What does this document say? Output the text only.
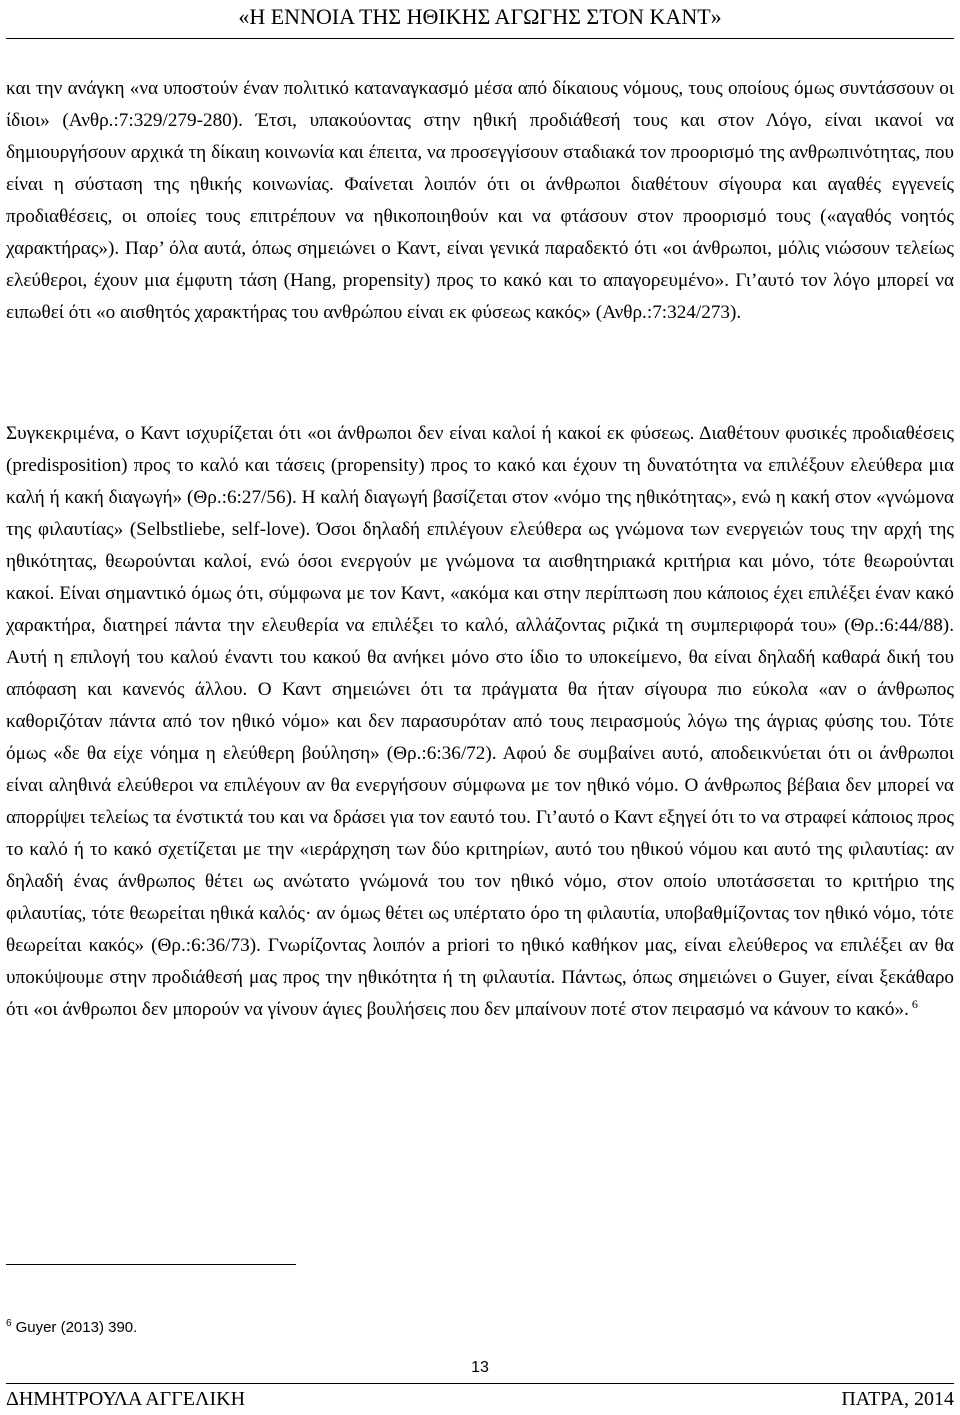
«Η ΕΝΝΟΙΑ ΤΗΣ ΗΘΙΚΗΣ ΑΓΩΓΗΣ ΣΤΟΝ ΚΑΝΤ»

και την ανάγκη «να υποστούν έναν πολιτικό καταναγκασμό μέσα από δίκαιους νόμους, τους οποίους όμως συντάσσουν οι ίδιοι» (Ανθρ.:7:329/279-280). Έτσι, υπακούοντας στην ηθική προδιάθεσή τους και στον Λόγο, είναι ικανοί να δημιουργήσουν αρχικά τη δίκαιη κοινωνία και έπειτα, να προσεγγίσουν σταδιακά τον προορισμό της ανθρωπινότητας, που είναι η σύσταση της ηθικής κοινωνίας. Φαίνεται λοιπόν ότι οι άνθρωποι διαθέτουν σίγουρα και αγαθές εγγενείς προδιαθέσεις, οι οποίες τους επιτρέπουν να ηθικοποιηθούν και να φτάσουν στον προορισμό τους («αγαθός νοητός χαρακτήρας»). Παρ’ όλα αυτά, όπως σημειώνει ο Καντ, είναι γενικά παραδεκτό ότι «οι άνθρωποι, μόλις νιώσουν τελείως ελεύθεροι, έχουν μια έμφυτη τάση (Hang, propensity) προς το κακό και το απαγορευμένο». Γι’αυτό τον λόγο μπορεί να ειπωθεί ότι «ο αισθητός χαρακτήρας του ανθρώπου είναι εκ φύσεως κακός» (Ανθρ.:7:324/273).

Συγκεκριμένα, ο Καντ ισχυρίζεται ότι «οι άνθρωποι δεν είναι καλοί ή κακοί εκ φύσεως. Διαθέτουν φυσικές προδιαθέσεις (predisposition) προς το καλό και τάσεις (propensity) προς το κακό και έχουν τη δυνατότητα να επιλέξουν ελεύθερα μια καλή ή κακή διαγωγή» (Θρ.:6:27/56). Η καλή διαγωγή βασίζεται στον «νόμο της ηθικότητας», ενώ η κακή στον «γνώμονα της φιλαυτίας» (Selbstliebe, self-love). Όσοι δηλαδή επιλέγουν ελεύθερα ως γνώμονα των ενεργειών τους την αρχή της ηθικότητας, θεωρούνται καλοί, ενώ όσοι ενεργούν με γνώμονα τα αισθητηριακά κριτήρια και μόνο, τότε θεωρούνται κακοί. Είναι σημαντικό όμως ότι, σύμφωνα με τον Καντ, «ακόμα και στην περίπτωση που κάποιος έχει επιλέξει έναν κακό χαρακτήρα, διατηρεί πάντα την ελευθερία να επιλέξει το καλό, αλλάζοντας ριζικά τη συμπεριφορά του» (Θρ.:6:44/88). Αυτή η επιλογή του καλού έναντι του κακού θα ανήκει μόνο στο ίδιο το υποκείμενο, θα είναι δηλαδή καθαρά δική του απόφαση και κανενός άλλου. Ο Καντ σημειώνει ότι τα πράγματα θα ήταν σίγουρα πιο εύκολα «αν ο άνθρωπος καθοριζόταν πάντα από τον ηθικό νόμο» και δεν παρασυρόταν από τους πειρασμούς λόγω της άγριας φύσης του. Τότε όμως «δε θα είχε νόημα η ελεύθερη βούληση» (Θρ.:6:36/72). Αφού δε συμβαίνει αυτό, αποδεικνύεται ότι οι άνθρωποι είναι αληθινά ελεύθεροι να επιλέγουν αν θα ενεργήσουν σύμφωνα με τον ηθικό νόμο. Ο άνθρωπος βέβαια δεν μπορεί να απορρίψει τελείως τα ένστικτά του και να δράσει για τον εαυτό του. Γι’αυτό ο Καντ εξηγεί ότι το να στραφεί κάποιος προς το καλό ή το κακό σχετίζεται με την «ιεράρχηση των δύο κριτηρίων, αυτό του ηθικού νόμου και αυτό της φιλαυτίας: αν δηλαδή ένας άνθρωπος θέτει ως ανώτατο γνώμονά του τον ηθικό νόμο, στον οποίο υποτάσσεται το κριτήριο της φιλαυτίας, τότε θεωρείται ηθικά καλός· αν όμως θέτει ως υπέρτατο όρο τη φιλαυτία, υποβαθμίζοντας τον ηθικό νόμο, τότε θεωρείται κακός» (Θρ.:6:36/73). Γνωρίζοντας λοιπόν a priori το ηθικό καθήκον μας, είναι ελεύθερος να επιλέξει αν θα υποκύψουμε στην προδιάθεσή μας προς την ηθικότητα ή τη φιλαυτία. Πάντως, όπως σημειώνει ο Guyer, είναι ξεκάθαρο ότι «οι άνθρωποι δεν μπορούν να γίνουν άγιες βουλήσεις που δεν μπαίνουν ποτέ στον πειρασμό να κάνουν το κακό». $^6$

$^6$ Guyer (2013) 390.
13
ΔΗΜΗΤΡΟΥΛΑ ΑΓΓΕΛΙΚΗ	ΠΑΤΡΑ, 2014
